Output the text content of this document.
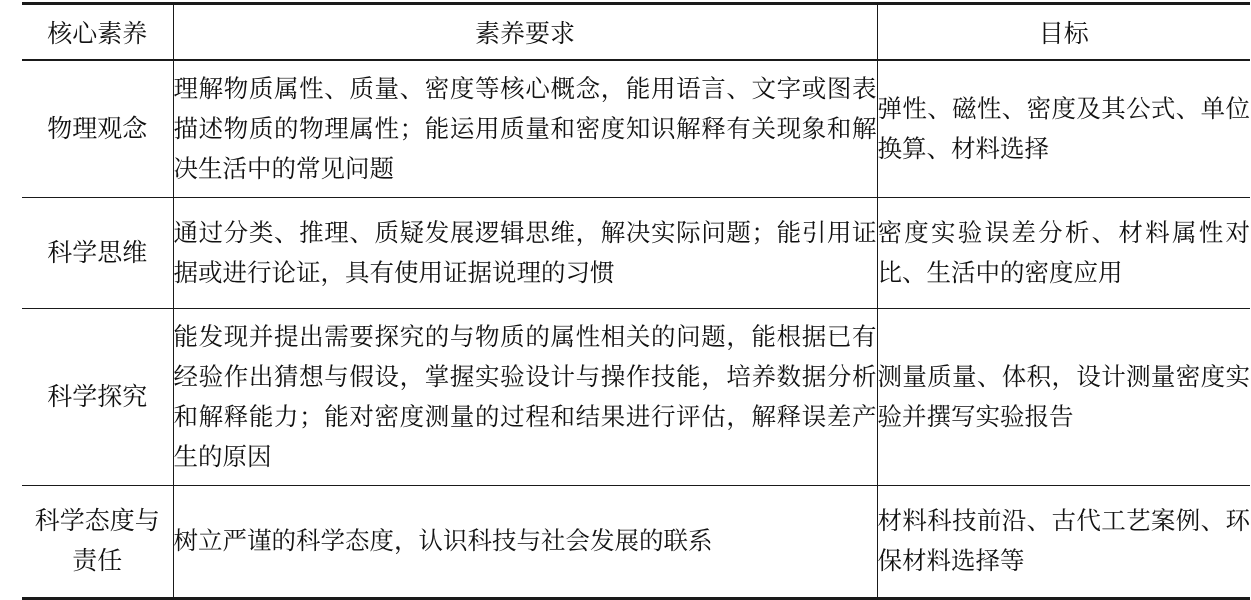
核心素养	素养要求	目标

物理观念	理解物质属性、质量、密度等核心概念，能用语言、文字或图表描述物质的物理属性；能运用质量和密度知识解释有关现象和解决生活中的常见问题	弹性、磁性、密度及其公式、单位换算、材料选择

科学思维	通过分类、推理、质疑发展逻辑思维，解决实际问题；能引用证据或进行论证，具有使用证据说理的习惯	密度实验误差分析、材料属性对比、生活中的密度应用

科学探究	能发现并提出需要探究的与物质的属性相关的问题，能根据已有经验作出猜想与假设，掌握实验设计与操作技能，培养数据分析和解释能力；能对密度测量的过程和结果进行评估，解释误差产生的原因	测量质量、体积，设计测量密度实验并撰写实验报告

科学态度与责任	树立严谨的科学态度，认识科技与社会发展的联系	材料科技前沿、古代工艺案例、环保材料选择等
